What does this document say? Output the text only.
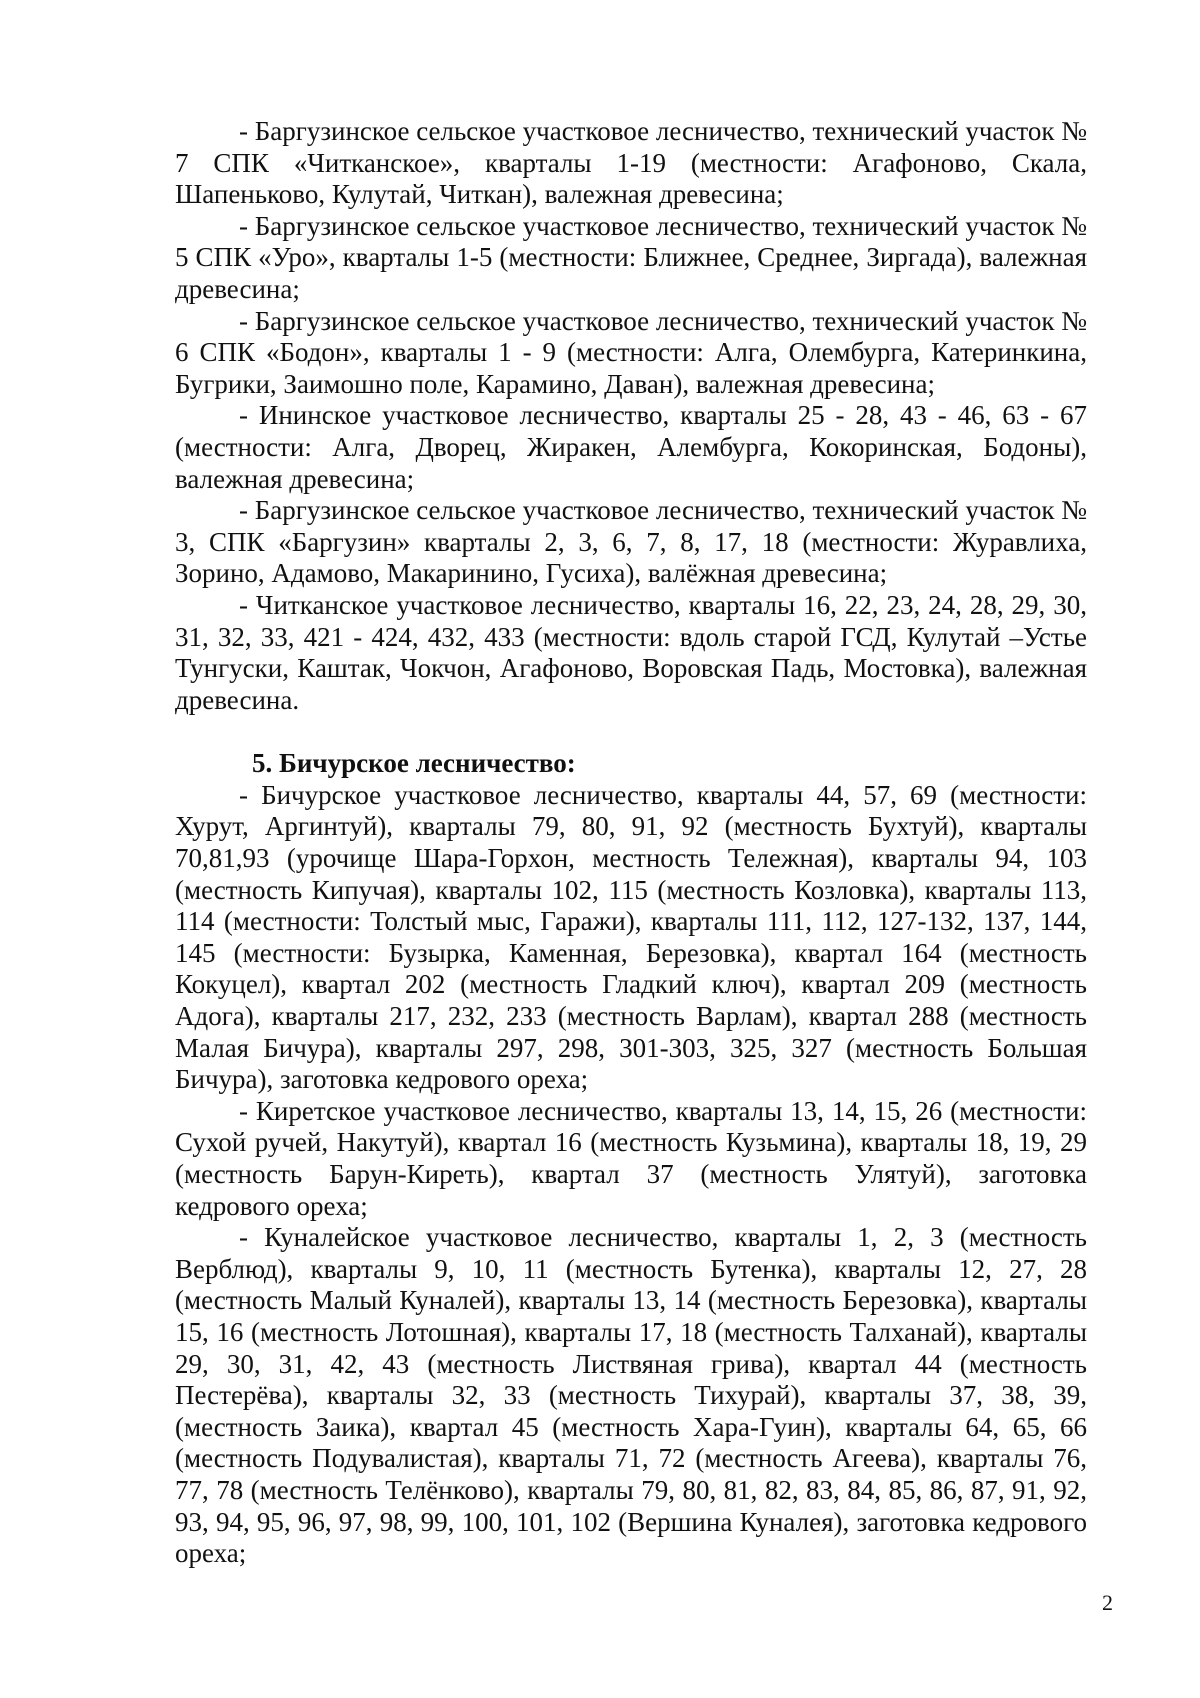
- Баргузинское сельское участковое лесничество, технический участок № 7 СПК «Читканское», кварталы 1-19 (местности: Агафоново, Скала, Шапеньково, Кулутай, Читкан), валежная древесина;

- Баргузинское сельское участковое лесничество, технический участок № 5 СПК «Уро», кварталы 1-5 (местности: Ближнее, Среднее, Зиргада), валежная древесина;

- Баргузинское сельское участковое лесничество, технический участок № 6 СПК «Бодон», кварталы 1 - 9 (местности: Алга, Олембурга, Катеринкина, Бугрики, Заимошно поле, Карамино, Даван), валежная древесина;

- Ининское участковое лесничество, кварталы 25 - 28, 43 - 46, 63 - 67 (местности: Алга, Дворец, Жиракен, Алембурга, Кокоринская, Бодоны), валежная древесина;

- Баргузинское сельское участковое лесничество, технический участок № 3, СПК «Баргузин» кварталы 2, 3, 6, 7, 8, 17, 18 (местности: Журавлиха, Зорино, Адамово, Макаринино, Гусиха), валёжная древесина;

- Читканское участковое лесничество, кварталы 16, 22, 23, 24, 28, 29, 30, 31, 32, 33, 421 - 424, 432, 433 (местности: вдоль старой ГСД, Кулутай –Устье Тунгуски, Каштак, Чокчон, Агафоново, Воровская Падь, Мостовка), валежная древесина.

5. Бичурское лесничество:

- Бичурское участковое лесничество, кварталы 44, 57, 69 (местности: Хурут, Аргинтуй), кварталы 79, 80, 91, 92 (местность Бухтуй), кварталы 70,81,93 (урочище Шара-Горхон, местность Тележная), кварталы 94, 103 (местность Кипучая), кварталы 102, 115 (местность Козловка), кварталы 113, 114 (местности: Толстый мыс, Гаражи), кварталы 111, 112, 127-132, 137, 144, 145 (местности: Бузырка, Каменная, Березовка), квартал 164 (местность Кокуцел), квартал 202 (местность Гладкий ключ), квартал 209 (местность Адога), кварталы 217, 232, 233 (местность Варлам), квартал 288 (местность Малая Бичура), кварталы 297, 298, 301-303, 325, 327 (местность Большая Бичура), заготовка кедрового ореха;

- Киретское участковое лесничество, кварталы 13, 14, 15, 26 (местности: Сухой ручей, Накутуй), квартал 16 (местность Кузьмина), кварталы 18, 19, 29 (местность Барун-Киреть), квартал 37 (местность Улятуй), заготовка кедрового ореха;

- Куналейское участковое лесничество, кварталы 1, 2, 3 (местность Верблюд), кварталы 9, 10, 11 (местность Бутенка), кварталы 12, 27, 28 (местность Малый Куналей), кварталы 13, 14 (местность Березовка), кварталы 15, 16 (местность Лотошная), кварталы 17, 18 (местность Талханай), кварталы 29, 30, 31, 42, 43 (местность Листвяная грива), квартал 44 (местность Пестерёва), кварталы 32, 33 (местность Тихурай), кварталы 37, 38, 39, (местность Заика), квартал 45 (местность Хара-Гуин), кварталы 64, 65, 66 (местность Подувалистая), кварталы 71, 72 (местность Агеева), кварталы 76, 77, 78 (местность Телёнково), кварталы 79, 80, 81, 82, 83, 84, 85, 86, 87, 91, 92, 93, 94, 95, 96, 97, 98, 99, 100, 101, 102 (Вершина Куналея), заготовка кедрового ореха;

2
